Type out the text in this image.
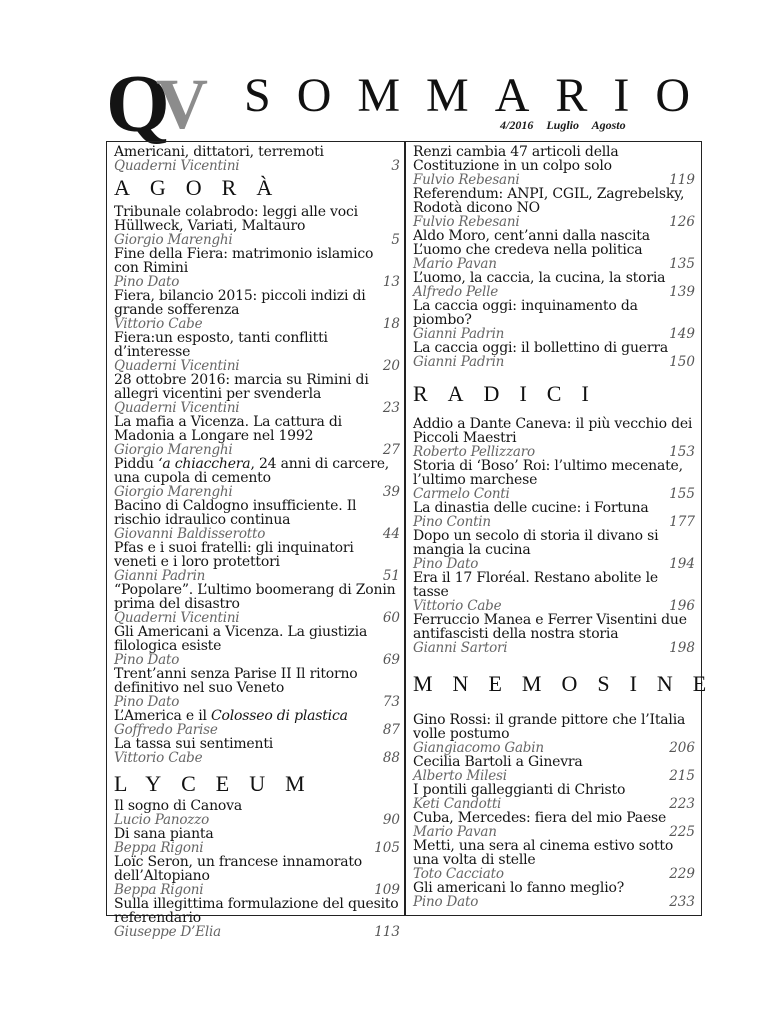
Q
V SOMMARIO
4/2016 Luglio Agosto
Americani, dittatori, terremoti
Quaderni Vicentini	3
AGORÀ
Tribunale colabrodo: leggi alle voci Hüllweck, Variati, Maltauro
Giorgio Marenghi	5
Fine della Fiera: matrimonio islamico con Rimini
Pino Dato	13
Fiera, bilancio 2015: piccoli indizi di grande sofferenza
Vittorio Cabe	18
Fiera:un esposto, tanti conflitti d’interesse
Quaderni Vicentini	20
28 ottobre 2016: marcia su Rimini di allegri vicentini per svenderla
Quaderni Vicentini	23
La mafia a Vicenza. La cattura di Madonia a Longare nel 1992
Giorgio Marenghi	27
Piddu ‘a chiacchera, 24 anni di carcere, una cupola di cemento
Giorgio Marenghi	39
Bacino di Caldogno insufficiente. Il rischio idraulico continua
Giovanni Baldisserotto	44
Pfas e i suoi fratelli: gli inquinatori veneti e i loro protettori
Gianni Padrin	51
“Popolare”. L’ultimo boomerang di Zonin prima del disastro
Quaderni Vicentini	60
Gli Americani a Vicenza. La giustizia filologica esiste
Pino Dato	69
Trent’anni senza Parise II Il ritorno definitivo nel suo Veneto
Pino Dato	73
L’America e il Colosseo di plastica
Goffredo Parise	87
La tassa sui sentimenti
Vittorio Cabe	88
LYCEUM
Il sogno di Canova
Lucio Panozzo	90
Di sana pianta
Beppa Rigoni	105
Loïc Seron, un francese innamorato dell’Altopiano
Beppa Rigoni	109
Sulla illegittima formulazione del quesito referendario
Giuseppe D’Elia	113
Renzi cambia 47 articoli della Costituzione in un colpo solo
Fulvio Rebesani	119
Referendum: ANPI, CGIL, Zagrebelsky, Rodotà dicono NO
Fulvio Rebesani	126
Aldo Moro, cent’anni dalla nascita L’uomo che credeva nella politica
Mario Pavan	135
L’uomo, la caccia, la cucina, la storia
Alfredo Pelle	139
La caccia oggi: inquinamento da piombo?
Gianni Padrin	149
La caccia oggi: il bollettino di guerra
Gianni Padrin	150
RADICI
Addio a Dante Caneva: il più vecchio dei Piccoli Maestri
Roberto Pellizzaro	153
Storia di ‘Boso’ Roi: l’ultimo mecenate, l’ultimo marchese
Carmelo Conti	155
La dinastia delle cucine: i Fortuna
Pino Contin	177
Dopo un secolo di storia il divano si mangia la cucina
Pino Dato	194
Era il 17 Floréal. Restano abolite le tasse
Vittorio Cabe	196
Ferruccio Manea e Ferrer Visentini due antifascisti della nostra storia
Gianni Sartori	198
MNEMOSINE
Gino Rossi: il grande pittore che l’Italia volle postumo
Giangiacomo Gabin	206
Cecilia Bartoli a Ginevra
Alberto Milesi	215
I pontili galleggianti di Christo
Keti Candotti	223
Cuba, Mercedes: fiera del mio Paese
Mario Pavan	225
Metti, una sera al cinema estivo sotto una volta di stelle
Toto Cacciato	229
Gli americani lo fanno meglio?
Pino Dato	233
